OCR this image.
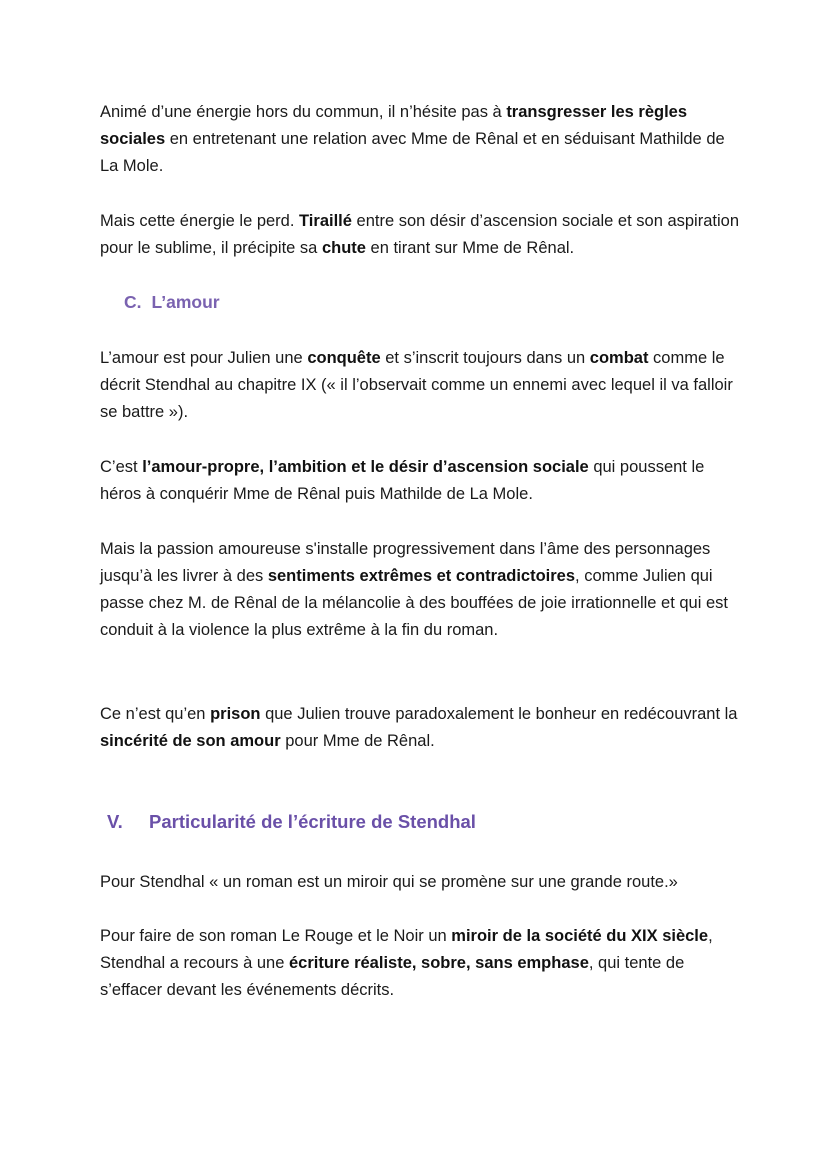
Animé d’une énergie hors du commun, il n’hésite pas à transgresser les règles sociales en entretenant une relation avec Mme de Rênal et en séduisant Mathilde de La Mole.

Mais cette énergie le perd. Tiraillé entre son désir d’ascension sociale et son aspiration pour le sublime, il précipite sa chute en tirant sur Mme de Rênal.

C. L’amour

L’amour est pour Julien une conquête et s’inscrit toujours dans un combat comme le décrit Stendhal au chapitre IX (« il l’observait comme un ennemi avec lequel il va falloir se battre »).

C’est l’amour-propre, l’ambition et le désir d’ascension sociale qui poussent le héros à conquérir Mme de Rênal puis Mathilde de La Mole.

Mais la passion amoureuse s'installe progressivement dans l’âme des personnages jusqu’à les livrer à des sentiments extrêmes et contradictoires, comme Julien qui passe chez M. de Rênal de la mélancolie à des bouffées de joie irrationnelle et qui est conduit à la violence la plus extrême à la fin du roman.

Ce n’est qu’en prison que Julien trouve paradoxalement le bonheur en redécouvrant la sincérité de son amour pour Mme de Rênal.

V. Particularité de l’écriture de Stendhal

Pour Stendhal « un roman est un miroir qui se promène sur une grande route.»

Pour faire de son roman Le Rouge et le Noir un miroir de la société du XIX siècle, Stendhal a recours à une écriture réaliste, sobre, sans emphase, qui tente de s’effacer devant les événements décrits.
